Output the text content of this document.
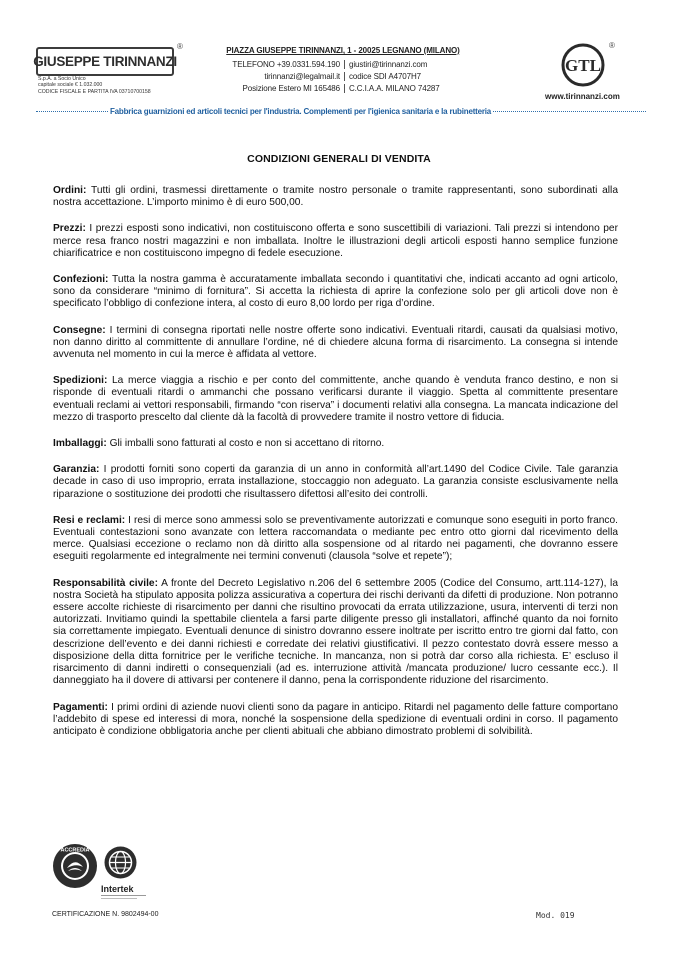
GIUSEPPE TIRINNANZI
®
S.p.A. a Socio Unico
capitale sociale € 1.032.000
CODICE FISCALE E PARTITA IVA 03710700158
PIAZZA GIUSEPPE TIRINNANZI, 1 - 20025 LEGNANO (MILANO)
TELEFONO +39.0331.594.190	giustiri@tirinnanzi.com
tirinnanzi@legalmail.it	codice SDI A4707H7
Posizione Estero MI 165486	C.C.I.A.A. MILANO 74287
GTL
®
www.tirinnanzi.com
Fabbrica guarnizioni ed articoli tecnici per l'industria. Complementi per l'igienica sanitaria e la rubinetteria
CONDIZIONI GENERALI DI VENDITA

Ordini: Tutti gli ordini, trasmessi direttamente o tramite nostro personale o tramite rappresentanti, sono subordinati alla nostra accettazione. L’importo minimo è di euro 500,00.

Prezzi: I prezzi esposti sono indicativi, non costituiscono offerta e sono suscettibili di variazioni. Tali prezzi si intendono per merce resa franco nostri magazzini e non imballata. Inoltre le illustrazioni degli articoli esposti hanno semplice funzione chiarificatrice e non costituiscono impegno di fedele esecuzione.

Confezioni: Tutta la nostra gamma è accuratamente imballata secondo i quantitativi che, indicati accanto ad ogni articolo, sono da considerare “minimo di fornitura”. Si accetta la richiesta di aprire la confezione solo per gli articoli dove non è specificato l’obbligo di confezione intera, al costo di euro 8,00 lordo per riga d’ordine.

Consegne: I termini di consegna riportati nelle nostre offerte sono indicativi. Eventuali ritardi, causati da qualsiasi motivo, non danno diritto al committente di annullare l’ordine, né di chiedere alcuna forma di risarcimento. La consegna si intende avvenuta nel momento in cui la merce è affidata al vettore.

Spedizioni: La merce viaggia a rischio e per conto del committente, anche quando è venduta franco destino, e non si risponde di eventuali ritardi o ammanchi che possano verificarsi durante il viaggio. Spetta al committente presentare eventuali reclami ai vettori responsabili, firmando “con riserva” i documenti relativi alla consegna. La mancata indicazione del mezzo di trasporto prescelto dal cliente dà la facoltà di provvedere tramite il nostro vettore di fiducia.

Imballaggi: Gli imballi sono fatturati al costo e non si accettano di ritorno.

Garanzia: I prodotti forniti sono coperti da garanzia di un anno in conformità all’art.1490 del Codice Civile. Tale garanzia decade in caso di uso improprio, errata installazione, stoccaggio non adeguato. La garanzia consiste esclusivamente nella riparazione o sostituzione dei prodotti che risultassero difettosi all’esito dei controlli.

Resi e reclami: I resi di merce sono ammessi solo se preventivamente autorizzati e comunque sono eseguiti in porto franco. Eventuali contestazioni sono avanzate con lettera raccomandata o mediante pec entro otto giorni dal ricevimento della merce. Qualsiasi eccezione o reclamo non dà diritto alla sospensione od al ritardo nei pagamenti, che dovranno essere eseguiti regolarmente ed integralmente nei termini convenuti (clausola “solve et repete”);

Responsabilità civile: A fronte del Decreto Legislativo n.206 del 6 settembre 2005 (Codice del Consumo, artt.114-127), la nostra Società ha stipulato apposita polizza assicurativa a copertura dei rischi derivanti da difetti di produzione. Non potranno essere accolte richieste di risarcimento per danni che risultino provocati da errata utilizzazione, usura, interventi di terzi non autorizzati. Invitiamo quindi la spettabile clientela a farsi parte diligente presso gli installatori, affinché quanto da noi fornito sia correttamente impiegato. Eventuali denunce di sinistro dovranno essere inoltrate per iscritto entro tre giorni dal fatto, con descrizione dell’evento e dei danni richiesti e corredate dei relativi giustificativi. Il pezzo contestato dovrà essere messo a disposizione della ditta fornitrice per le verifiche tecniche. In mancanza, non si potrà dar corso alla richiesta. E’ escluso il risarcimento di danni indiretti o consequenziali (ad es. interruzione attività /mancata produzione/ lucro cessante ecc.). Il danneggiato ha il dovere di attivarsi per contenere il danno, pena la corrispondente riduzione del risarcimento.

Pagamenti: I primi ordini di aziende nuovi clienti sono da pagare in anticipo. Ritardi nel pagamento delle fatture comportano l’addebito di spese ed interessi di mora, nonché la sospensione della spedizione di eventuali ordini in corso. Il pagamento anticipato è condizione obbligatoria anche per clienti abituali che abbiano dimostrato problemi di solvibilità.

ACCREDIA
Intertek
CERTIFICAZIONE N. 9802494-00	Mod. 019
